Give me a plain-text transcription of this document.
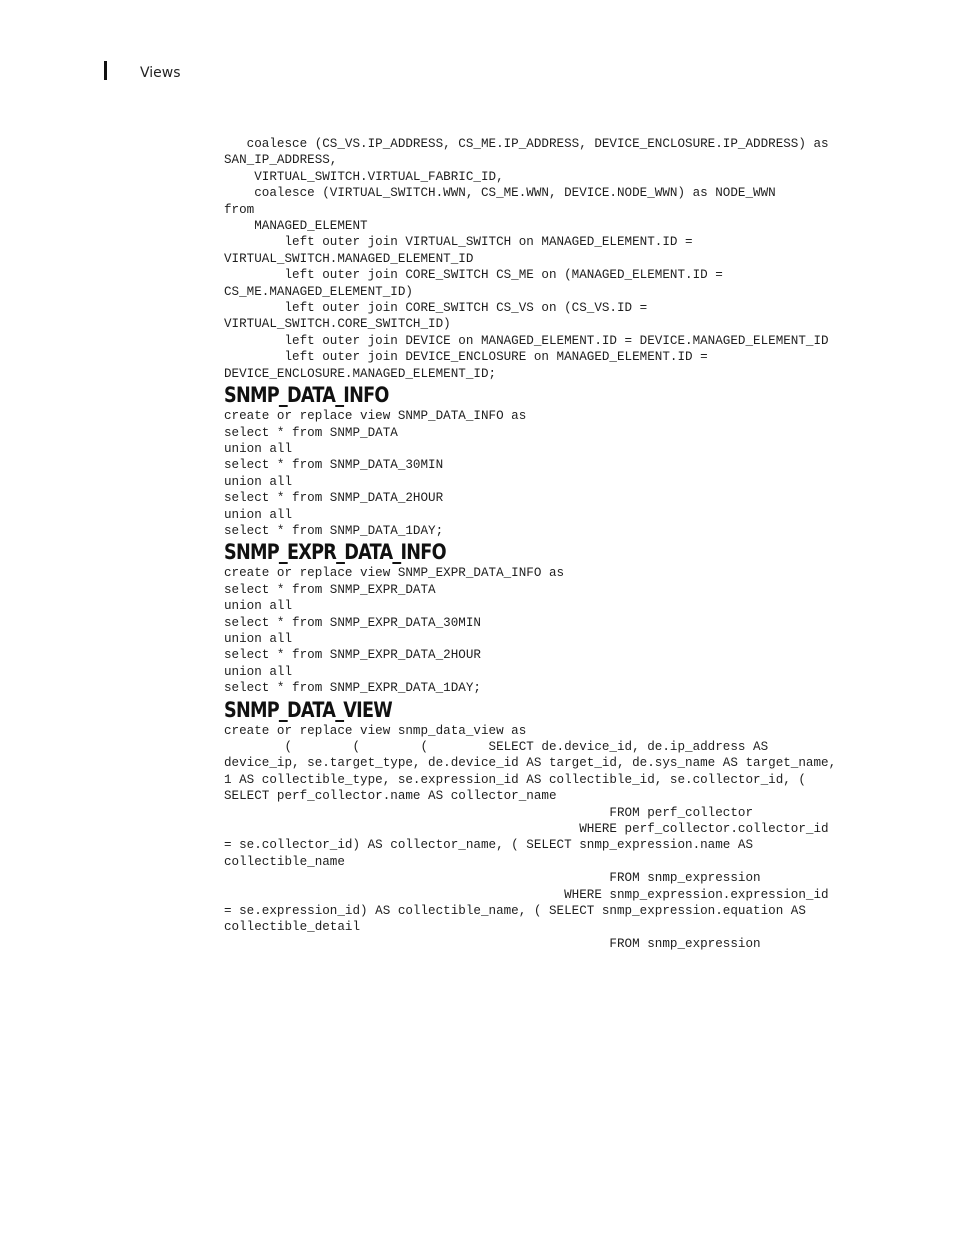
Views
coalesce (CS_VS.IP_ADDRESS, CS_ME.IP_ADDRESS, DEVICE_ENCLOSURE.IP_ADDRESS) as
SAN_IP_ADDRESS,
VIRTUAL_SWITCH.VIRTUAL_FABRIC_ID,
coalesce (VIRTUAL_SWITCH.WWN, CS_ME.WWN, DEVICE.NODE_WWN) as NODE_WWN
from
MANAGED_ELEMENT
left outer join VIRTUAL_SWITCH on MANAGED_ELEMENT.ID =
VIRTUAL_SWITCH.MANAGED_ELEMENT_ID
left outer join CORE_SWITCH CS_ME on (MANAGED_ELEMENT.ID =
CS_ME.MANAGED_ELEMENT_ID)
left outer join CORE_SWITCH CS_VS on (CS_VS.ID =
VIRTUAL_SWITCH.CORE_SWITCH_ID)
left outer join DEVICE on MANAGED_ELEMENT.ID = DEVICE.MANAGED_ELEMENT_ID
left outer join DEVICE_ENCLOSURE on MANAGED_ELEMENT.ID =
DEVICE_ENCLOSURE.MANAGED_ELEMENT_ID;
SNMP_DATA_INFO
create or replace view SNMP_DATA_INFO as
select * from SNMP_DATA
union all
select * from SNMP_DATA_30MIN
union all
select * from SNMP_DATA_2HOUR
union all
select * from SNMP_DATA_1DAY;
SNMP_EXPR_DATA_INFO
create or replace view SNMP_EXPR_DATA_INFO as
select * from SNMP_EXPR_DATA
union all
select * from SNMP_EXPR_DATA_30MIN
union all
select * from SNMP_EXPR_DATA_2HOUR
union all
select * from SNMP_EXPR_DATA_1DAY;
SNMP_DATA_VIEW
create or replace view snmp_data_view as
(        (        (        SELECT de.device_id, de.ip_address AS
device_ip, se.target_type, de.device_id AS target_id, de.sys_name AS target_name,
1 AS collectible_type, se.expression_id AS collectible_id, se.collector_id, (
SELECT perf_collector.name AS collector_name
FROM perf_collector
WHERE perf_collector.collector_id
= se.collector_id) AS collector_name, ( SELECT snmp_expression.name AS
collectible_name
FROM snmp_expression
WHERE snmp_expression.expression_id
= se.expression_id) AS collectible_name, ( SELECT snmp_expression.equation AS
collectible_detail
FROM snmp_expression
